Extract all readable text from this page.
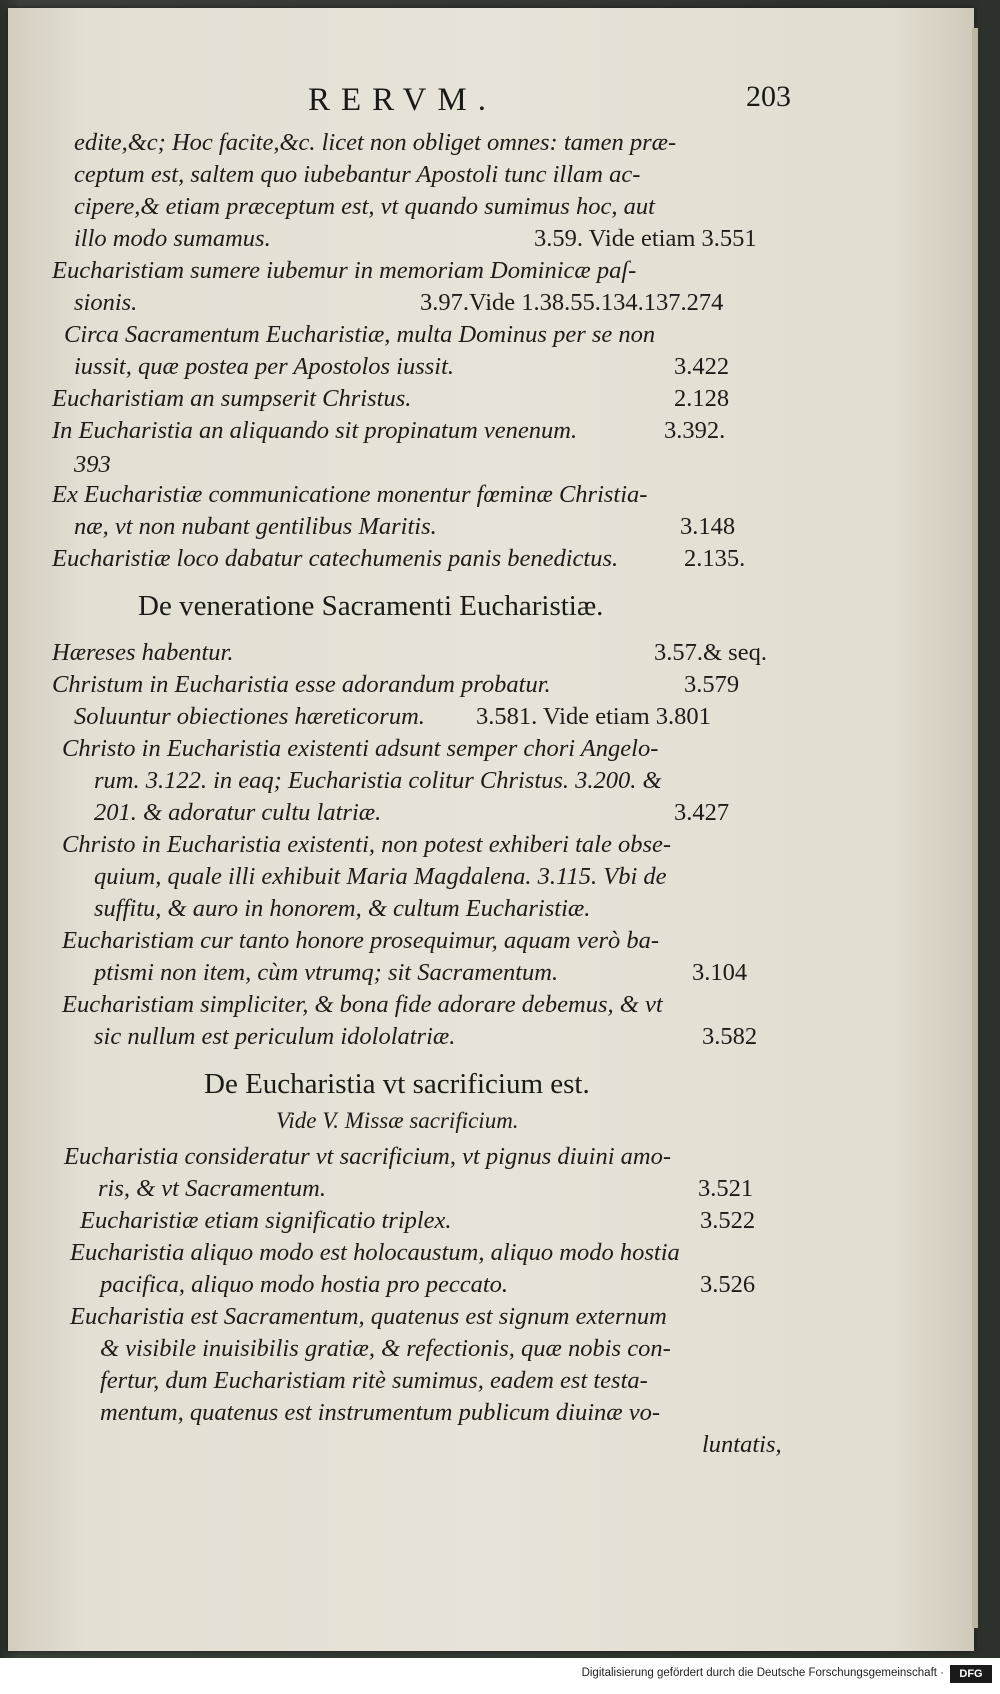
RERVM.	203
edite,&c; Hoc facite,&c. licet non obliget omnes: tamen præ-
ceptum est, saltem quo iubebantur Apostoli tunc illam ac-
cipere,& etiam præceptum est, vt quando sumimus hoc, aut
illo modo sumamus.	3.59. Vide etiam 3.551
Eucharistiam sumere iubemur in memoriam Dominicæ paſ-
sionis.	3.97.Vide 1.38.55.134.137.274
Circa Sacramentum Eucharistiæ, multa Dominus per se non
iussit, quæ postea per Apostolos iussit.	3.422
Eucharistiam an sumpserit Christus.	2.128
In Eucharistia an aliquando sit propinatum venenum.	3.392.
393
Ex Eucharistiæ communicatione monentur fœminæ Christia-
næ, vt non nubant gentilibus Maritis.	3.148
Eucharistiæ loco dabatur catechumenis panis benedictus.	2.135.
De veneratione Sacramenti Eucharistiæ.
Hæreses habentur.	3.57.& seq.
Christum in Eucharistia esse adorandum probatur.	3.579
Soluuntur obiectiones hæreticorum. 3.581. Vide etiam 3.801
Christo in Eucharistia existenti adsunt semper chori Angelo-
rum. 3.122. in eaq; Eucharistia colitur Christus. 3.200. &
201. & adoratur cultu latriæ.	3.427
Christo in Eucharistia existenti, non potest exhiberi tale obse-
quium, quale illi exhibuit Maria Magdalena. 3.115. Vbi de
suffitu, & auro in honorem, & cultum Eucharistiæ.
Eucharistiam cur tanto honore prosequimur, aquam verò ba-
ptismi non item, cùm vtrumq; sit Sacramentum.	3.104
Eucharistiam simpliciter, & bona fide adorare debemus, & vt
sic nullum est periculum idololatriæ.	3.582
De Eucharistia vt sacrificium est.
Vide V. Missæ sacrificium.
Eucharistia consideratur vt sacrificium, vt pignus diuini amo-
ris, & vt Sacramentum.	3.521
Eucharistiæ etiam significatio triplex.	3.522
Eucharistia aliquo modo est holocaustum, aliquo modo hostia
pacifica, aliquo modo hostia pro peccato.	3.526
Eucharistia est Sacramentum, quatenus est signum externum
& visibile inuisibilis gratiæ, & refectionis, quæ nobis con-
fertur, dum Eucharistiam ritè sumimus, eadem est testa-
mentum, quatenus est instrumentum publicum diuinæ vo-
luntatis,
Digitalisierung gefördert durch die Deutsche Forschungsgemeinschaft ·	DFG
